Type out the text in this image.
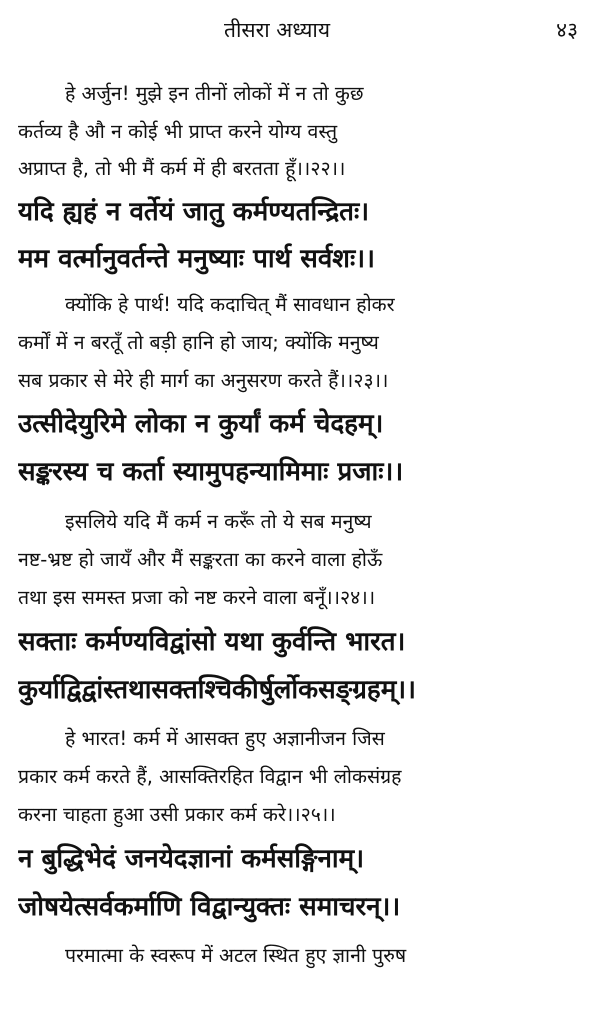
तीसरा अध्याय	४३
हे अर्जुन! मुझे इन तीनों लोकों में न तो कुछ
कर्तव्य है औ न कोई भी प्राप्त करने योग्य वस्तु
अप्राप्त है, तो भी मैं कर्म में ही बरतता हूँ।।२२।।
यदि ह्यहं न वर्तेयं जातु कर्मण्यतन्द्रितः।
मम वर्त्मानुवर्तन्ते मनुष्याः पार्थ सर्वशः।।
क्योंकि हे पार्थ! यदि कदाचित् मैं सावधान होकर
कर्मों में न बरतूँ तो बड़ी हानि हो जाय; क्योंकि मनुष्य
सब प्रकार से मेरे ही मार्ग का अनुसरण करते हैं।।२३।।
उत्सीदेयुरिमे लोका न कुर्यां कर्म चेदहम्।
सङ्करस्य च कर्ता स्यामुपहन्यामिमाः प्रजाः।।
इसलिये यदि मैं कर्म न करूँ तो ये सब मनुष्य
नष्ट-भ्रष्ट हो जायँ और मैं सङ्करता का करने वाला होऊँ
तथा इस समस्त प्रजा को नष्ट करने वाला बनूँ।।२४।।
सक्ताः कर्मण्यविद्वांसो यथा कुर्वन्ति भारत।
कुर्याद्विद्वांस्तथासक्तश्चिकीर्षुर्लोकसङ्ग्रहम्।।
हे भारत! कर्म में आसक्त हुए अज्ञानीजन जिस
प्रकार कर्म करते हैं, आसक्तिरहित विद्वान भी लोकसंग्रह
करना चाहता हुआ उसी प्रकार कर्म करे।।२५।।
न बुद्धिभेदं जनयेदज्ञानां कर्मसङ्गिनाम्।
जोषयेत्सर्वकर्माणि विद्वान्युक्तः समाचरन्।।
परमात्मा के स्वरूप में अटल स्थित हुए ज्ञानी पुरुष
